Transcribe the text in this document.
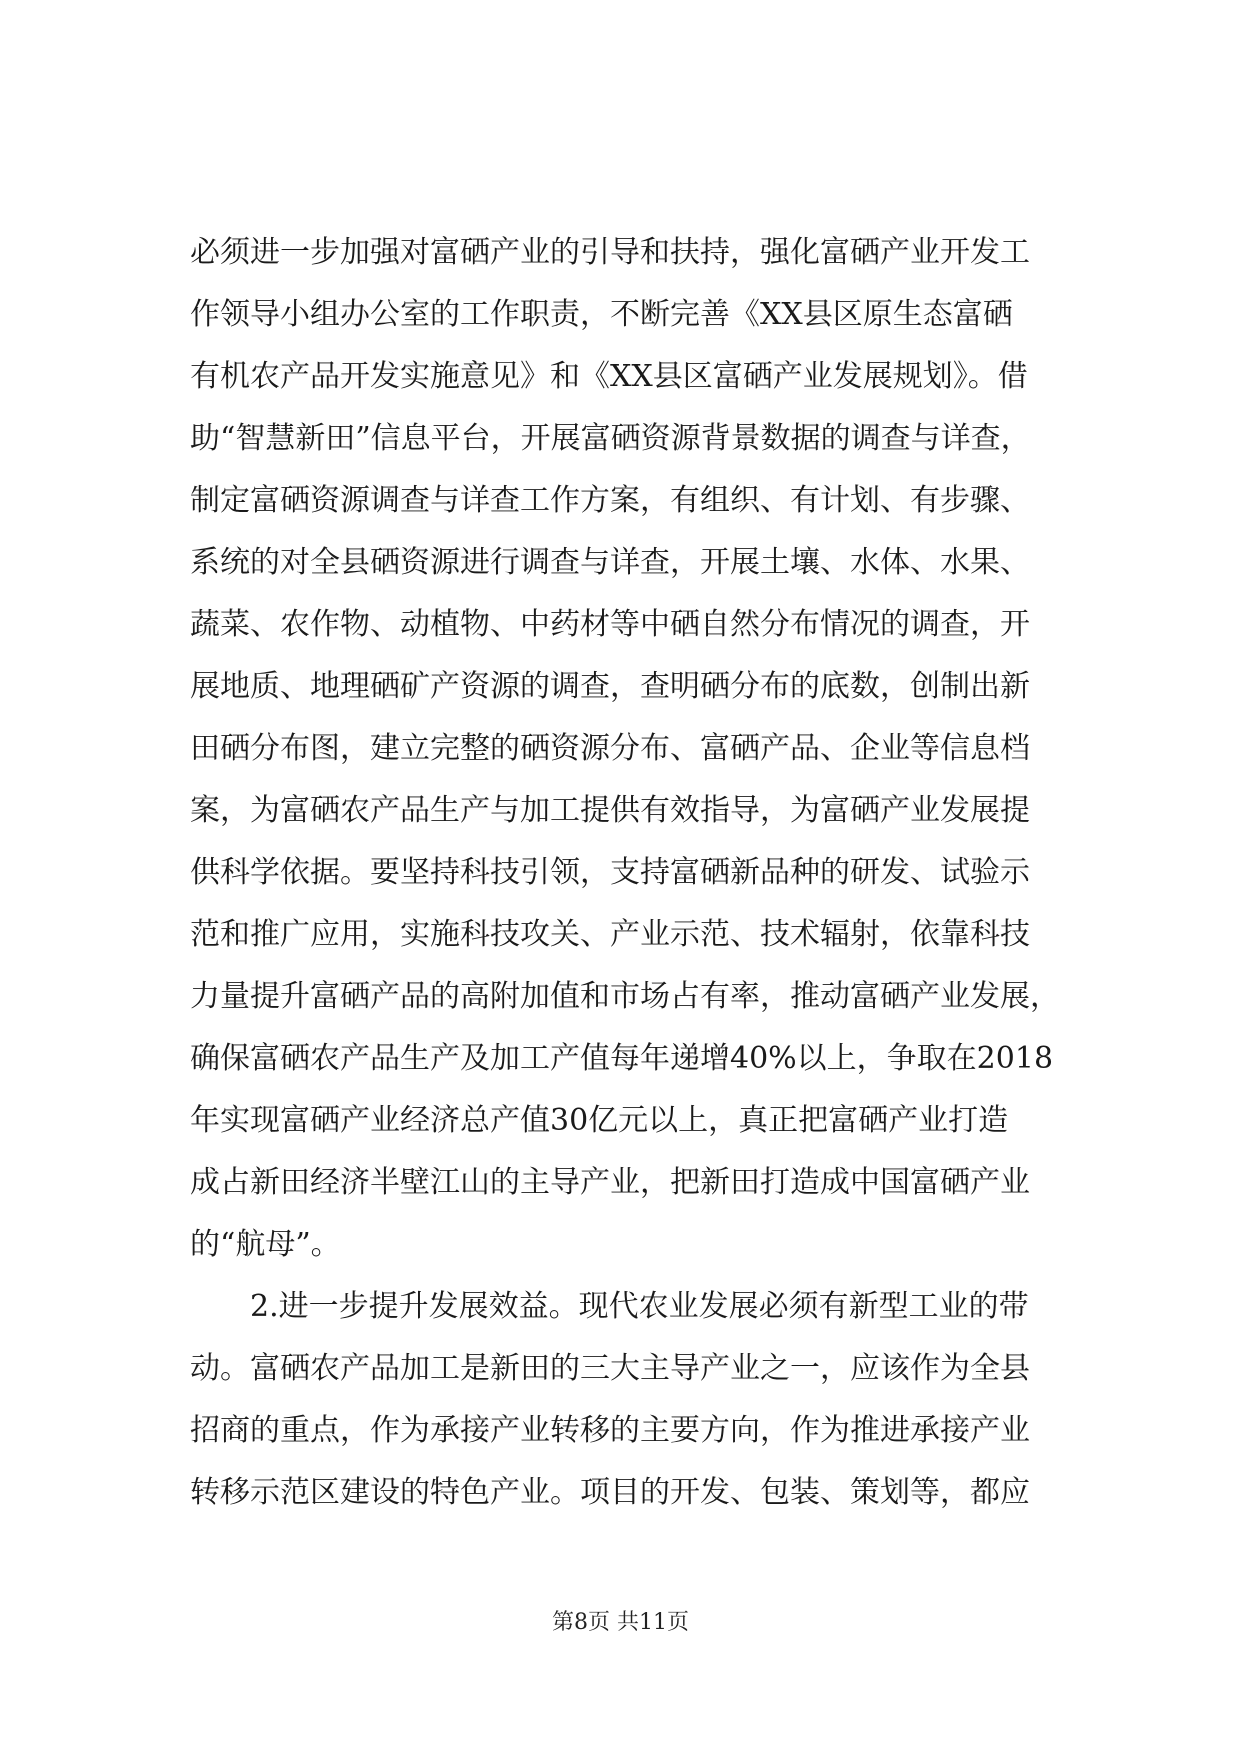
必须进一步加强对富硒产业的引导和扶持，强化富硒产业开发工
作领导小组办公室的工作职责，不断完善《XX县区原生态富硒
有机农产品开发实施意见》和《XX县区富硒产业发展规划》。借
助“智慧新田”信息平台，开展富硒资源背景数据的调查与详查，
制定富硒资源调查与详查工作方案，有组织、有计划、有步骤、
系统的对全县硒资源进行调查与详查，开展土壤、水体、水果、
蔬菜、农作物、动植物、中药材等中硒自然分布情况的调查，开
展地质、地理硒矿产资源的调查，查明硒分布的底数，创制出新
田硒分布图，建立完整的硒资源分布、富硒产品、企业等信息档
案，为富硒农产品生产与加工提供有效指导，为富硒产业发展提
供科学依据。要坚持科技引领，支持富硒新品种的研发、试验示
范和推广应用，实施科技攻关、产业示范、技术辐射，依靠科技
力量提升富硒产品的高附加值和市场占有率，推动富硒产业发展，
确保富硒农产品生产及加工产值每年递增40%以上，争取在2018
年实现富硒产业经济总产值30亿元以上，真正把富硒产业打造
成占新田经济半壁江山的主导产业，把新田打造成中国富硒产业
的“航母”。
2.进一步提升发展效益。现代农业发展必须有新型工业的带
动。富硒农产品加工是新田的三大主导产业之一，应该作为全县
招商的重点，作为承接产业转移的主要方向，作为推进承接产业
转移示范区建设的特色产业。项目的开发、包装、策划等，都应
第8页 共11页
